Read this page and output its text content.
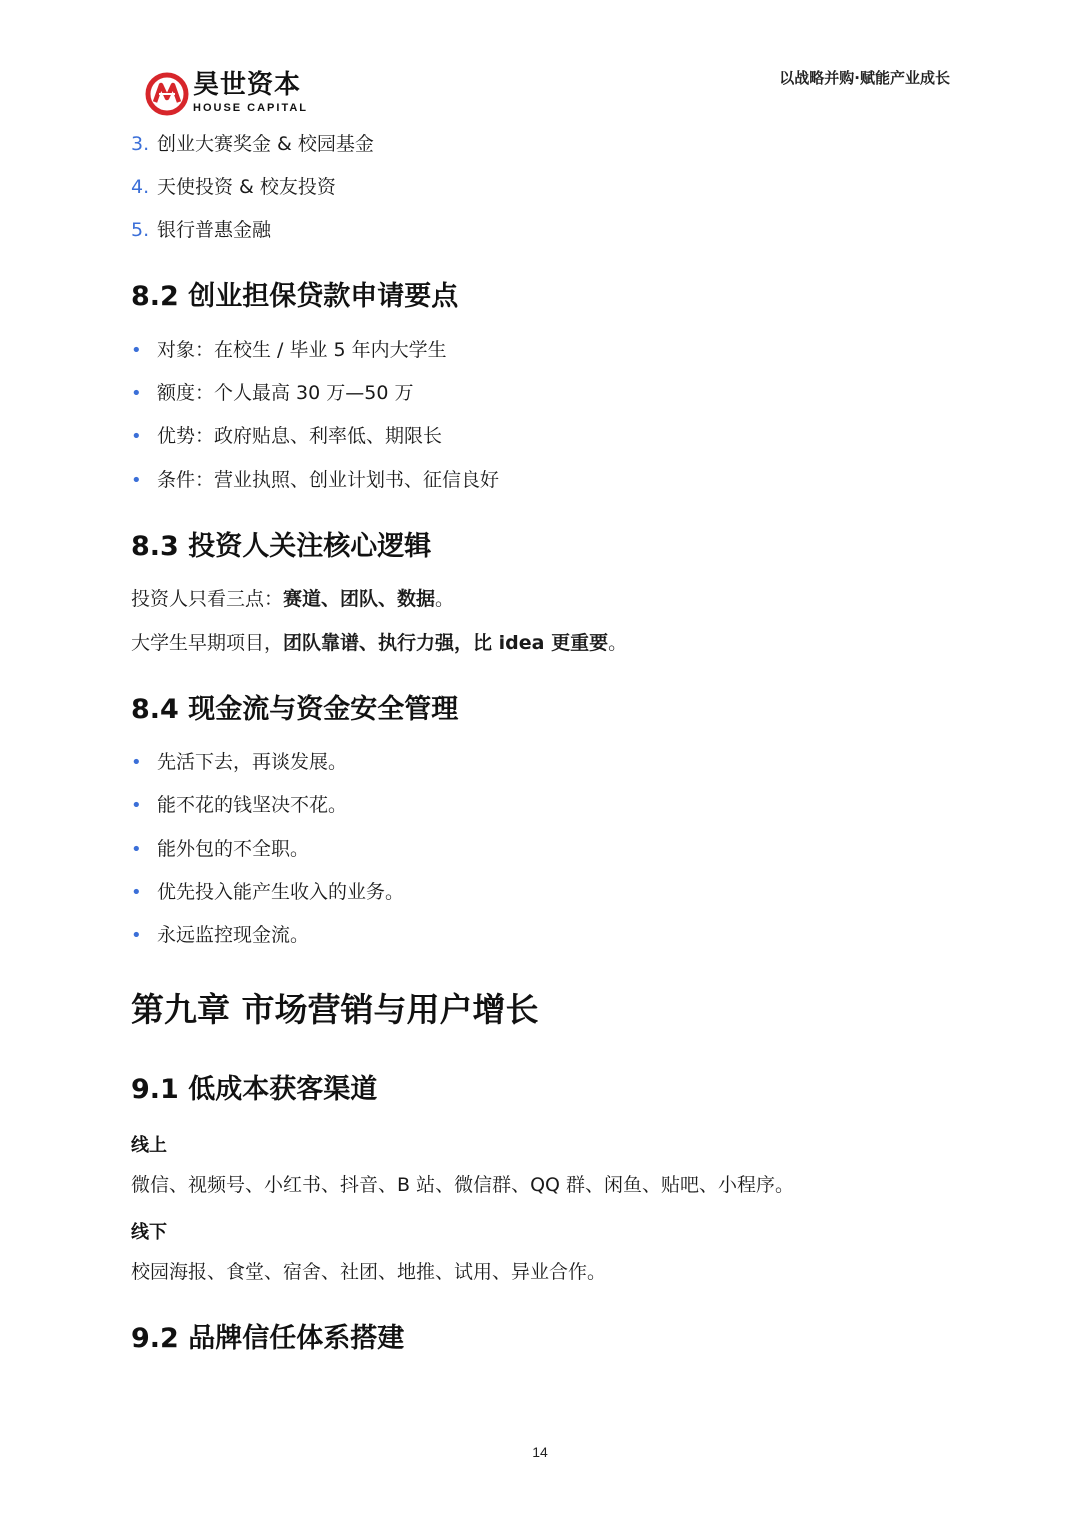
昊世资本
HOUSE CAPITAL
以战略并购·赋能产业成长
3. 创业大赛奖金 & 校园基金
4. 天使投资 & 校友投资
5. 银行普惠金融
8.2 创业担保贷款申请要点
• 对象：在校生 / 毕业 5 年内大学生
• 额度：个人最高 30 万—50 万
• 优势：政府贴息、利率低、期限长
• 条件：营业执照、创业计划书、征信良好
8.3 投资人关注核心逻辑
投资人只看三点：赛道、团队、数据。
大学生早期项目，团队靠谱、执行力强，比 idea 更重要。
8.4 现金流与资金安全管理
• 先活下去，再谈发展。
• 能不花的钱坚决不花。
• 能外包的不全职。
• 优先投入能产生收入的业务。
• 永远监控现金流。
第九章 市场营销与用户增长
9.1 低成本获客渠道
线上
微信、视频号、小红书、抖音、B 站、微信群、QQ 群、闲鱼、贴吧、小程序。
线下
校园海报、食堂、宿舍、社团、地推、试用、异业合作。
9.2 品牌信任体系搭建
14
